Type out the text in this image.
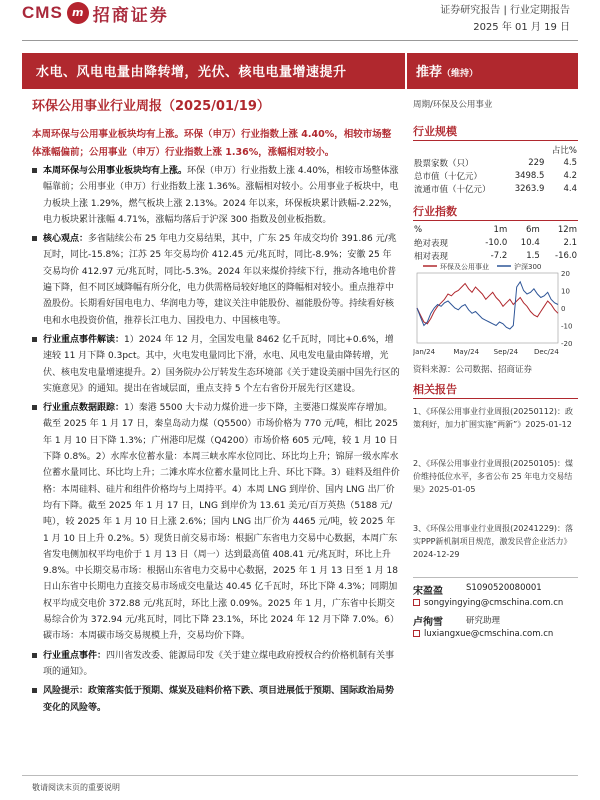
CMS m 招商证券	证券研究报告 | 行业定期报告
2025 年 01 月 19 日
水电、风电电量由降转增，光伏、核电电量增速提升	推荐（维持）
环保公用事业行业周报（2025/01/19）	周期/环保及公用事业
本周环保与公用事业板块均有上涨。环保（申万）行业指数上涨 4.40%，相较市场整体涨幅偏前；公用事业（申万）行业指数上涨 1.36%，涨幅相对较小。
本周环保与公用事业板块均有上涨。环保（申万）行业指数上涨 4.40%，相较市场整体涨幅靠前；公用事业（申万）行业指数上涨 1.36%。涨幅相对较小。公用事业子板块中，电力板块上涨 1.29%，燃气板块上涨 2.13%。2024 年以来，环保板块累计跌幅-2.22%，电力板块累计涨幅 4.71%，涨幅均落后于沪深 300 指数及创业板指数。
核心观点：多省陆续公布 25 年电力交易结果，其中，广东 25 年成交均价 391.86 元/兆瓦时，同比-15.8%；江苏 25 年交易均价 412.45 元/兆瓦时，同比-8.9%；安徽 25 年交易均价 412.97 元/兆瓦时，同比-5.3%。2024 年以来煤价持续下行，推动各地电价普遍下降，但不同区域降幅有所分化，电力供需格局较好地区的降幅相对较小。重点推荐中盈股份。长期看好国电电力、华润电力等，建议关注申能股份、福能股份等。持续看好核电和水电投资价值，推荐长江电力、国投电力、中国核电等。
行业重点事件解读：1）2024 年 12 月，全国发电量 8462 亿千瓦时，同比+0.6%，增速较 11 月下降 0.3pct。其中，火电发电量同比下滑，水电、风电发电量由降转增，光伏、核电发电量增速提升。2）国务院办公厅转发生态环境部《关于建设美丽中国先行区的实施意见》的通知。提出在省域层面，重点支持 5 个左右省份开展先行区建设。
行业重点数据跟踪：1）秦港 5500 大卡动力煤价进一步下降，主要港口煤炭库存增加。截至 2025 年 1 月 17 日，秦皇岛动力煤（Q5500）市场价格为 770 元/吨，相比 2025 年 1 月 10 日下降 1.3%；广州港印尼煤（Q4200）市场价格 605 元/吨，较 1 月 10 日下降 0.8%。2）水库水位蓄水量：本周三峡水库水位同比、环比均上升；锦屏一级水库水位蓄水量同比、环比均上升；二滩水库水位蓄水量同比上升、环比下降。3）硅料及组件价格：本周硅料、硅片和组件价格均与上周持平。4）本周 LNG 到岸价、国内 LNG 出厂价均有下降。截至 2025 年 1 月 17 日，LNG 到岸价为 13.61 美元/百万英热（5188 元/吨），较 2025 年 1 月 10 日上涨 2.6%；国内 LNG 出厂价为 4465 元/吨，较 2025 年 1 月 10 日上升 0.2%。5）现货日前交易市场：根据广东省电力交易中心数据，本周广东省发电侧加权平均电价于 1 月 13 日（周一）达到最高值 408.41 元/兆瓦时，环比上升 9.8%。中长期交易市场：根据山东省电力交易中心数据，2025 年 1 月 13 日至 1 月 18 日山东省中长期电力直接交易市场成交电量达 40.45 亿千瓦时，环比下降 4.3%；同期加权平均成交电价 372.88 元/兆瓦时，环比上涨 0.09%。2025 年 1 月，广东省中长期交易综合价为 372.94 元/兆瓦时，同比下降 23.1%，环比 2024 年 12 月下降 7.0%。6）碳市场：本周碳市场交易规模上升，交易均价下降。
行业重点事件：四川省发改委、能源局印发《关于建立煤电政府授权合约价格机制有关事项的通知》。
风险提示：政策落实低于预期、煤炭及硅料价格下跌、项目进展低于预期、国际政治局势变化的风险等。
行业规模
		占比%
股票家数（只）	229	4.5
总市值（十亿元）	3498.5	4.2
流通市值（十亿元）	3263.9	4.4
行业指数
%	1m	6m	12m
绝对表现	-10.0	10.4	2.1
相对表现	-7.2	1.5	-16.0
20
10
0
-10
-20
Jan/24	May/24 Sep/24 Dec/24
环保及公用事业	沪深300
资料来源：公司数据、招商证券
相关报告
1、《环保公用事业行业周报(20250112)：政策利好，加力扩围实施“两新”》2025-01-12
2、《环保公用事业行业周报(20250105)：煤价维持低位水平，多省公布 25 年电力交易结果》2025-01-05
3、《环保公用事业行业周报(20241229)：落实PPP新机制项目规范，激发民营企业活力》2024-12-29
宋盈盈	S1090520080001
songyingying@cmschina.com.cn
卢徇雪	研究助理
luxiangxue@cmschina.com.cn
敬请阅读末页的重要说明
